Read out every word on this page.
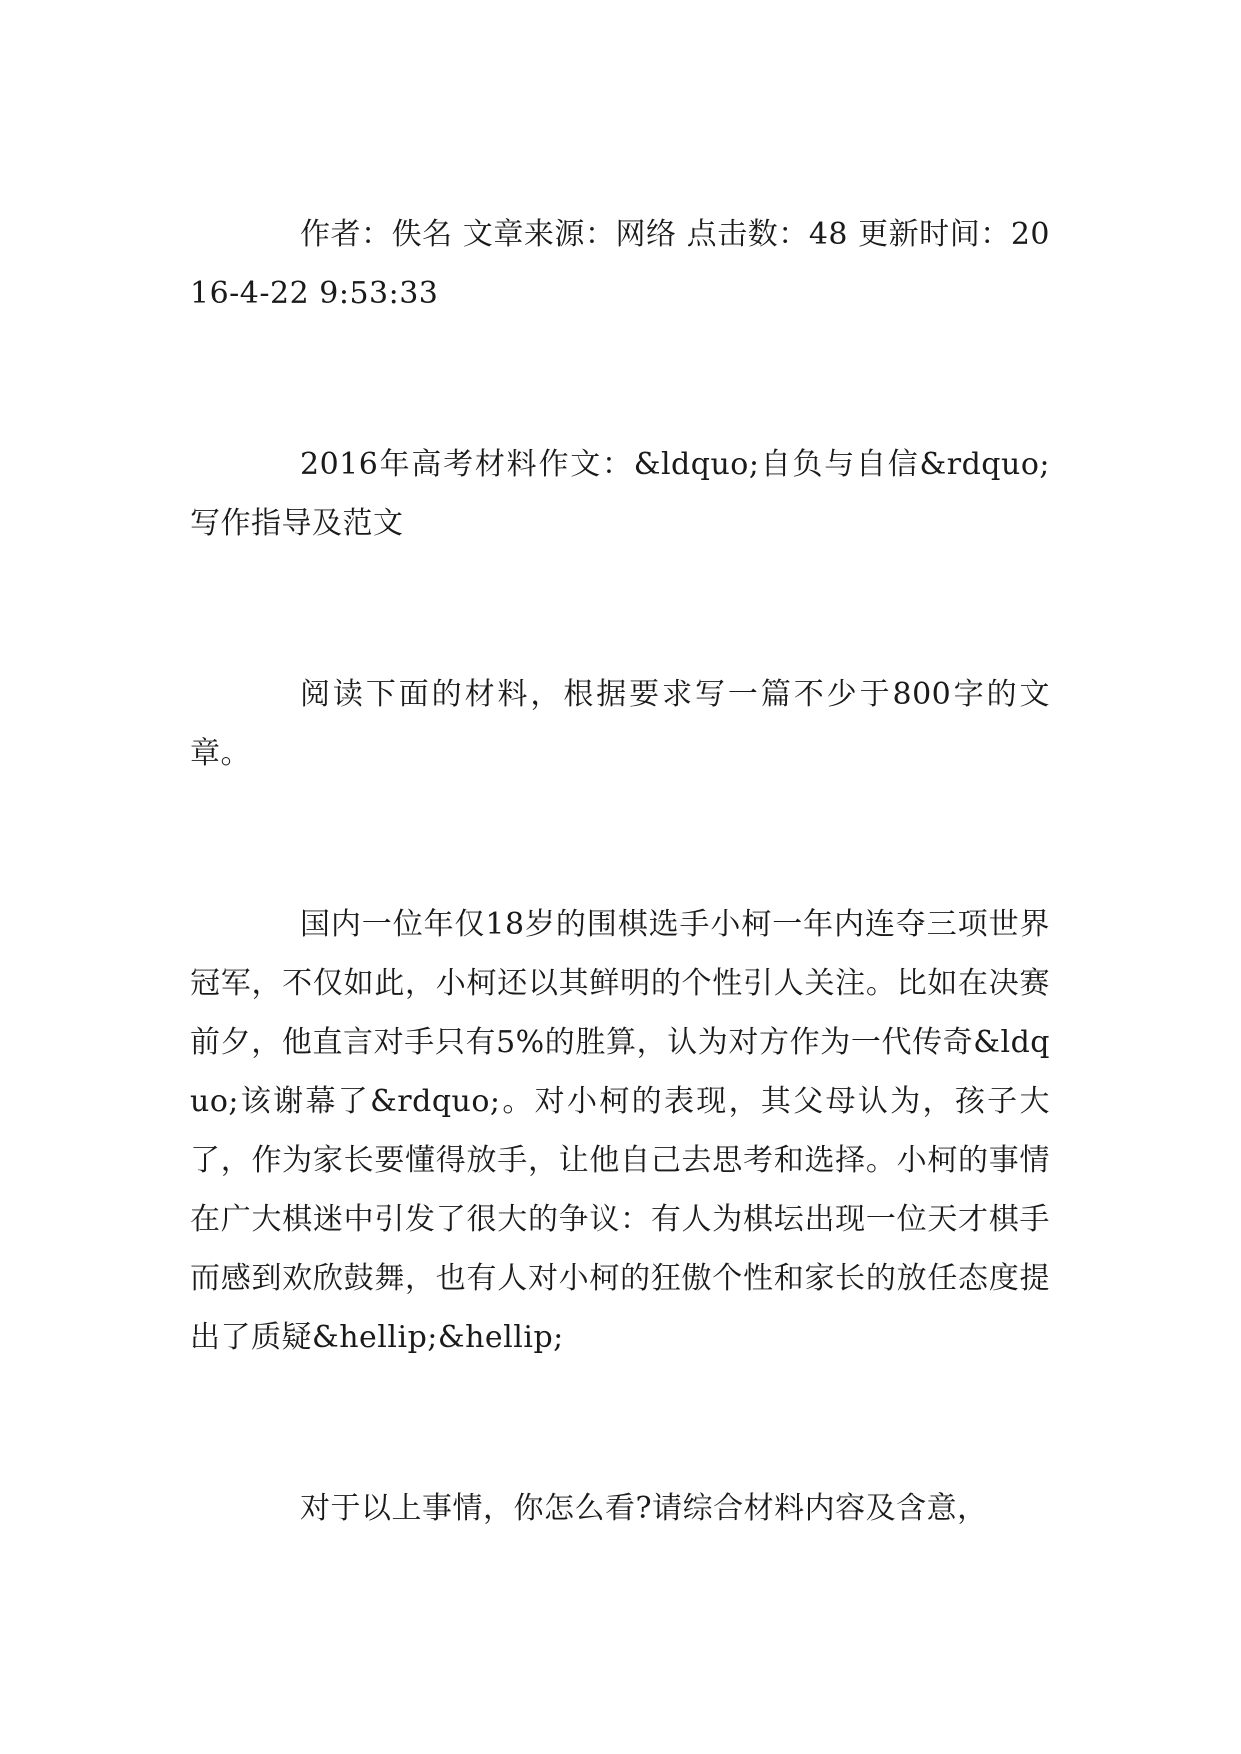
作者：佚名 文章来源：网络 点击数：48 更新时间：2016-4-22 9:53:33

2016年高考材料作文：&ldquo;自负与自信&rdquo;写作指导及范文

阅读下面的材料，根据要求写一篇不少于800字的文章。

国内一位年仅18岁的围棋选手小柯一年内连夺三项世界冠军，不仅如此，小柯还以其鲜明的个性引人关注。比如在决赛前夕，他直言对手只有5%的胜算，认为对方作为一代传奇&ldquo;该谢幕了&rdquo;。对小柯的表现，其父母认为，孩子大了，作为家长要懂得放手，让他自己去思考和选择。小柯的事情在广大棋迷中引发了很大的争议：有人为棋坛出现一位天才棋手而感到欢欣鼓舞，也有人对小柯的狂傲个性和家长的放任态度提出了质疑&hellip;&hellip;

对于以上事情，你怎么看?请综合材料内容及含意，
